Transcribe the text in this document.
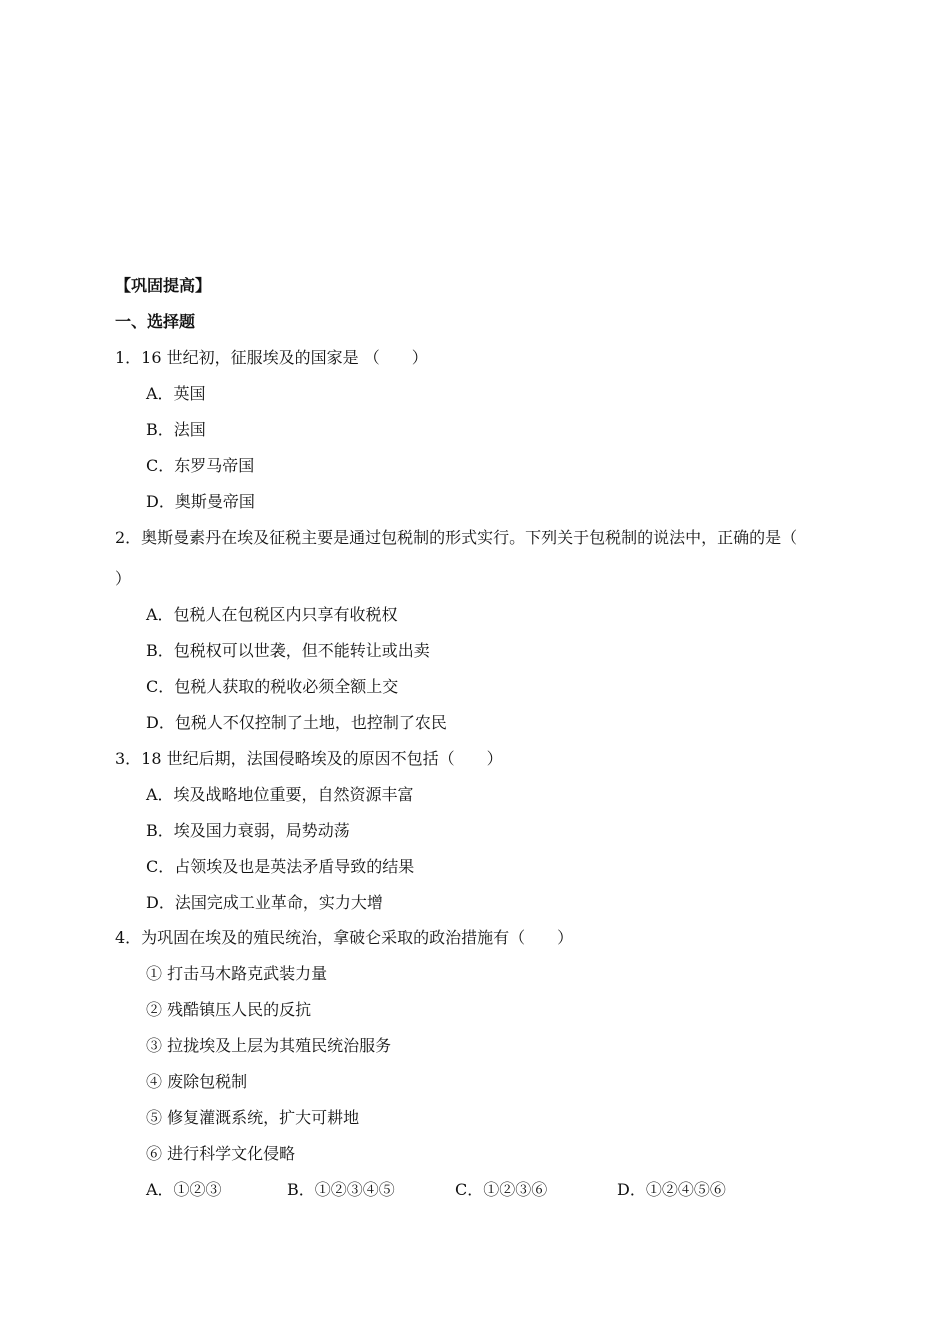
【巩固提高】
一、选择题
1．16 世纪初，征服埃及的国家是 （　　）
A．英国
B．法国
C．东罗马帝国
D．奥斯曼帝国
2．奥斯曼素丹在埃及征税主要是通过包税制的形式实行。下列关于包税制的说法中，正确的是（
）
A．包税人在包税区内只享有收税权
B．包税权可以世袭，但不能转让或出卖
C．包税人获取的税收必须全额上交
D．包税人不仅控制了土地，也控制了农民
3．18 世纪后期，法国侵略埃及的原因不包括（　　）
A．埃及战略地位重要，自然资源丰富
B．埃及国力衰弱，局势动荡
C．占领埃及也是英法矛盾导致的结果
D．法国完成工业革命，实力大增
4．为巩固在埃及的殖民统治，拿破仑采取的政治措施有（　　）
① 打击马木路克武装力量
② 残酷镇压人民的反抗
③ 拉拢埃及上层为其殖民统治服务
④ 废除包税制
⑤ 修复灌溉系统，扩大可耕地
⑥ 进行科学文化侵略
A．①②③	B．①②③④⑤	C．①②③⑥	D．①②④⑤⑥
